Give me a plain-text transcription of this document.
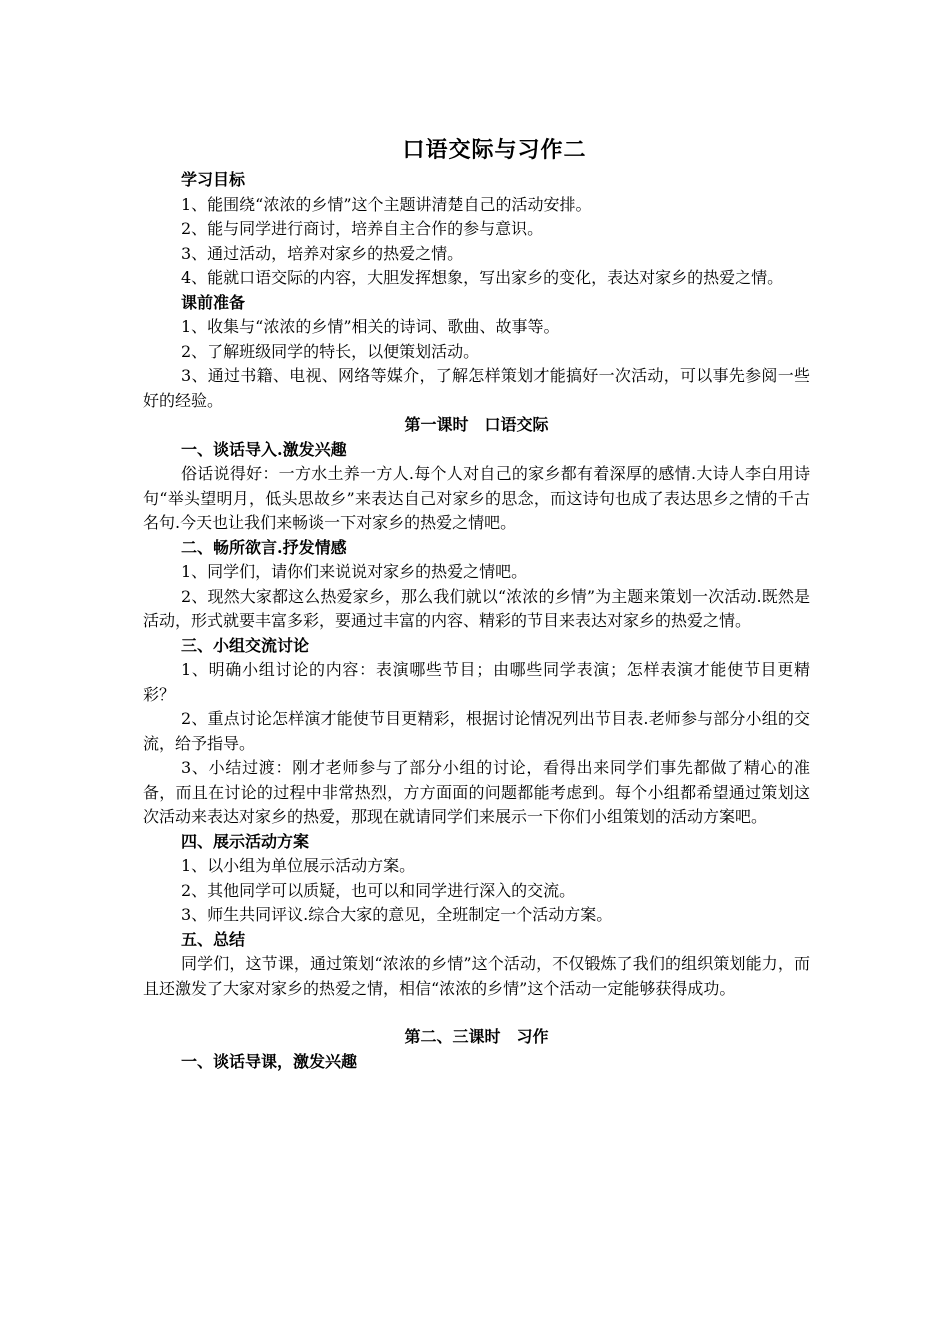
口语交际与习作二

学习目标

1、能围绕“浓浓的乡情”这个主题讲清楚自己的活动安排。

2、能与同学进行商讨，培养自主合作的参与意识。

3、通过活动，培养对家乡的热爱之情。

4、能就口语交际的内容，大胆发挥想象，写出家乡的变化，表达对家乡的热爱之情。

课前准备

1、收集与“浓浓的乡情”相关的诗词、歌曲、故事等。

2、了解班级同学的特长，以便策划活动。

3、通过书籍、电视、网络等媒介，了解怎样策划才能搞好一次活动，可以事先参阅一些好的经验。

第一课时　口语交际

一、谈话导入.激发兴趣

俗话说得好：一方水土养一方人.每个人对自己的家乡都有着深厚的感情.大诗人李白用诗句“举头望明月，低头思故乡”来表达自己对家乡的思念，而这诗句也成了表达思乡之情的千古名句.今天也让我们来畅谈一下对家乡的热爱之情吧。

二、畅所欲言.抒发情感

1、同学们，请你们来说说对家乡的热爱之情吧。

2、现然大家都这么热爱家乡，那么我们就以“浓浓的乡情”为主题来策划一次活动.既然是活动，形式就要丰富多彩，要通过丰富的内容、精彩的节目来表达对家乡的热爱之情。

三、小组交流讨论

1、明确小组讨论的内容：表演哪些节目；由哪些同学表演；怎样表演才能使节目更精彩？

2、重点讨论怎样演才能使节目更精彩，根据讨论情况列出节目表.老师参与部分小组的交流，给予指导。

3、小结过渡：刚才老师参与了部分小组的讨论，看得出来同学们事先都做了精心的准备，而且在讨论的过程中非常热烈，方方面面的问题都能考虑到。每个小组都希望通过策划这次活动来表达对家乡的热爱，那现在就请同学们来展示一下你们小组策划的活动方案吧。

四、展示活动方案

1、以小组为单位展示活动方案。

2、其他同学可以质疑，也可以和同学进行深入的交流。

3、师生共同评议.综合大家的意见，全班制定一个活动方案。

五、总结

同学们，这节课，通过策划“浓浓的乡情”这个活动，不仅锻炼了我们的组织策划能力，而且还激发了大家对家乡的热爱之情，相信“浓浓的乡情”这个活动一定能够获得成功。

第二、三课时　习作

一、谈话导课，激发兴趣
